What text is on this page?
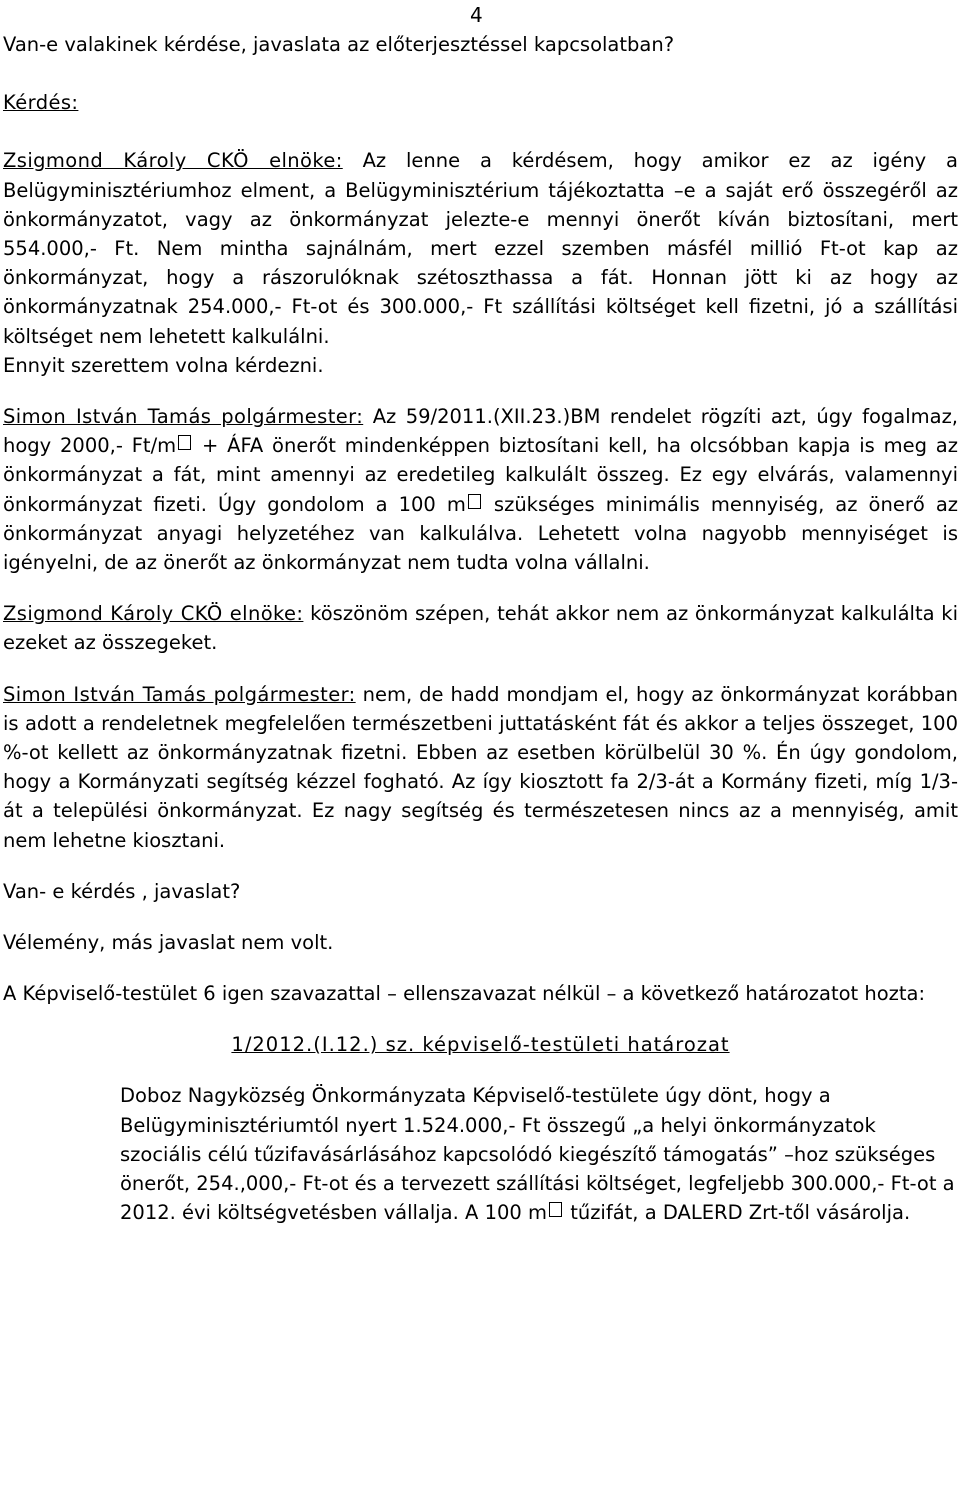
4

Van-e valakinek kérdése, javaslata az előterjesztéssel kapcsolatban?

Kérdés:

Zsigmond Károly CKÖ elnöke: Az lenne a kérdésem, hogy amikor ez az igény a Belügyminisztériumhoz elment, a Belügyminisztérium tájékoztatta –e a saját erő összegéről az önkormányzatot, vagy az önkormányzat jelezte-e mennyi önerőt kíván biztosítani, mert 554.000,- Ft. Nem mintha sajnálnám, mert ezzel szemben másfél millió Ft-ot kap az önkormányzat, hogy a rászorulóknak szétoszthassa a fát. Honnan jött ki az hogy az önkormányzatnak 254.000,- Ft-ot és 300.000,- Ft szállítási költséget kell fizetni, jó a szállítási költséget nem lehetett kalkulálni.

Ennyit szerettem volna kérdezni.

Simon István Tamás polgármester: Az 59/2011.(XII.23.)BM rendelet rögzíti azt, úgy fogalmaz, hogy 2000,- Ft/m + ÁFA önerőt mindenképpen biztosítani kell, ha olcsóbban kapja is meg az önkormányzat a fát, mint amennyi az eredetileg kalkulált összeg. Ez egy elvárás, valamennyi önkormányzat fizeti. Úgy gondolom a 100 m szükséges minimális mennyiség, az önerő az önkormányzat anyagi helyzetéhez van kalkulálva. Lehetett volna nagyobb mennyiséget is igényelni, de az önerőt az önkormányzat nem tudta volna vállalni.

Zsigmond Károly CKÖ elnöke: köszönöm szépen, tehát akkor nem az önkormányzat kalkulálta ki ezeket az összegeket.

Simon István Tamás polgármester: nem, de hadd mondjam el, hogy az önkormányzat korábban is adott a rendeletnek megfelelően természetbeni juttatásként fát és akkor a teljes összeget, 100 %-ot kellett az önkormányzatnak fizetni. Ebben az esetben körülbelül 30 %. Én úgy gondolom, hogy a Kormányzati segítség kézzel fogható. Az így kiosztott fa 2/3-át a Kormány fizeti, míg 1/3-át a települési önkormányzat. Ez nagy segítség és természetesen nincs az a mennyiség, amit nem lehetne kiosztani.

Van- e kérdés , javaslat?

Vélemény, más javaslat nem volt.

A Képviselő-testület 6 igen szavazattal – ellenszavazat nélkül – a következő határozatot hozta:

1/2012.(I.12.) sz. képviselő-testületi határozat

Doboz Nagyközség Önkormányzata Képviselő-testülete úgy dönt, hogy a Belügyminisztériumtól nyert 1.524.000,- Ft összegű „a helyi önkormányzatok szociális célú tűzifavásárlásához kapcsolódó kiegészítő támogatás” –hoz szükséges önerőt, 254.,000,- Ft-ot és a tervezett szállítási költséget, legfeljebb 300.000,- Ft-ot a 2012. évi költségvetésben vállalja. A 100 m tűzifát, a DALERD Zrt-től vásárolja.
